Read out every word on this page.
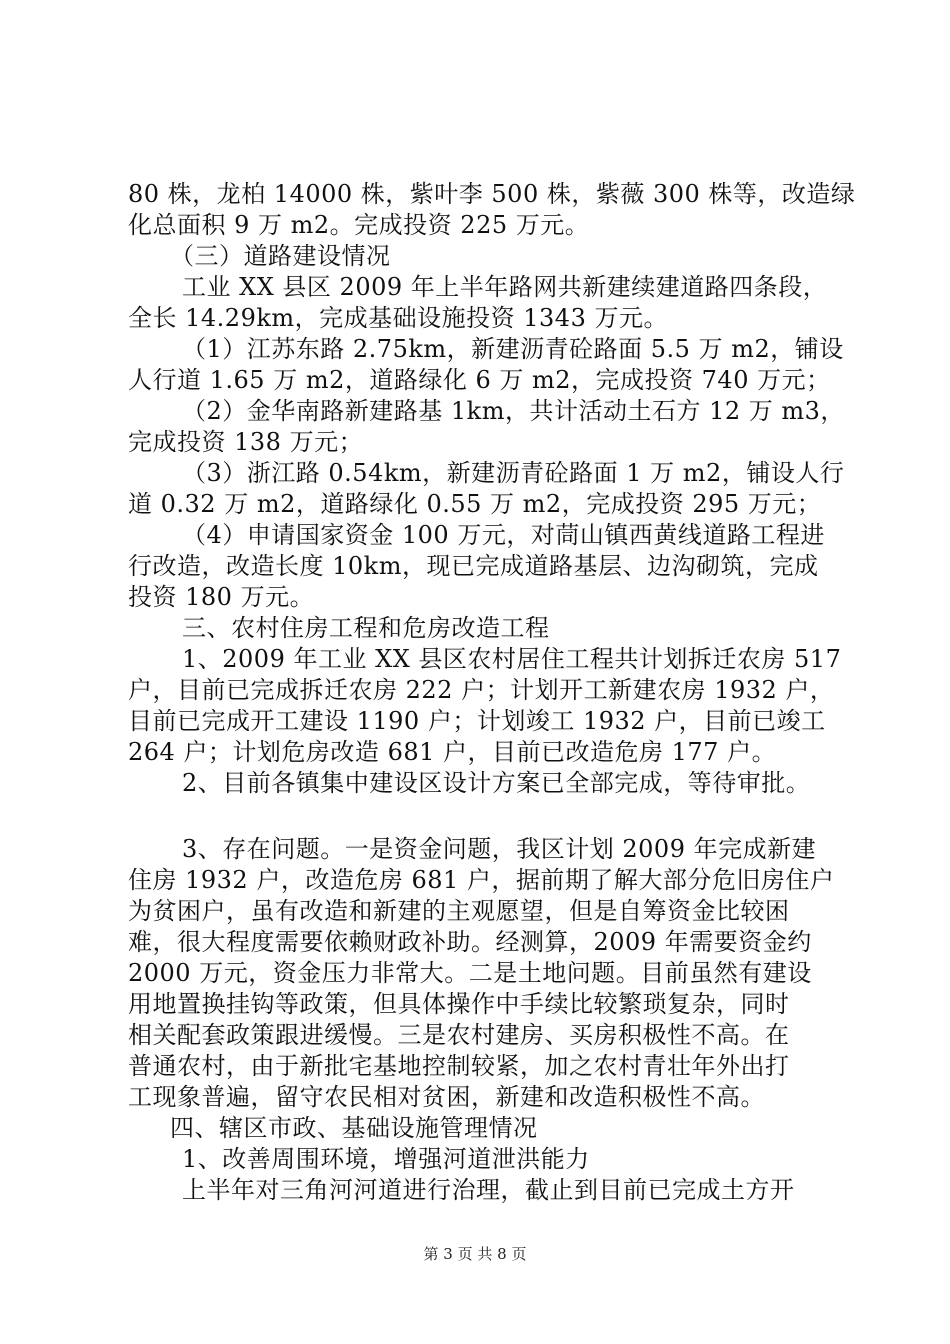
80 株，龙柏 14000 株，紫叶李 500 株，紫薇 300 株等，改造绿
化总面积 9 万 m2。完成投资 225 万元。
（三）道路建设情况
工业 XX 县区 2009 年上半年路网共新建续建道路四条段，
全长 14.29km，完成基础设施投资 1343 万元。
（1）江苏东路 2.75km，新建沥青砼路面 5.5 万 m2，铺设
人行道 1.65 万 m2，道路绿化 6 万 m2，完成投资 740 万元；
（2）金华南路新建路基 1km，共计活动土石方 12 万 m3，
完成投资 138 万元；
（3）浙江路 0.54km，新建沥青砼路面 1 万 m2，铺设人行
道 0.32 万 m2，道路绿化 0.55 万 m2，完成投资 295 万元；
（4）申请国家资金 100 万元，对茼山镇西黄线道路工程进
行改造，改造长度 10km，现已完成道路基层、边沟砌筑，完成
投资 180 万元。
三、农村住房工程和危房改造工程
1、2009 年工业 XX 县区农村居住工程共计划拆迁农房 517
户，目前已完成拆迁农房 222 户；计划开工新建农房 1932 户，
目前已完成开工建设 1190 户；计划竣工 1932 户，目前已竣工
264 户；计划危房改造 681 户，目前已改造危房 177 户。
2、目前各镇集中建设区设计方案已全部完成，等待审批。
3、存在问题。一是资金问题，我区计划 2009 年完成新建
住房 1932 户，改造危房 681 户，据前期了解大部分危旧房住户
为贫困户，虽有改造和新建的主观愿望，但是自筹资金比较困
难，很大程度需要依赖财政补助。经测算，2009 年需要资金约
2000 万元，资金压力非常大。二是土地问题。目前虽然有建设
用地置换挂钩等政策，但具体操作中手续比较繁琐复杂，同时
相关配套政策跟进缓慢。三是农村建房、买房积极性不高。在
普通农村，由于新批宅基地控制较紧，加之农村青壮年外出打
工现象普遍，留守农民相对贫困，新建和改造积极性不高。
四、辖区市政、基础设施管理情况
1、改善周围环境，增强河道泄洪能力
上半年对三角河河道进行治理，截止到目前已完成土方开
第 3 页 共 8 页
